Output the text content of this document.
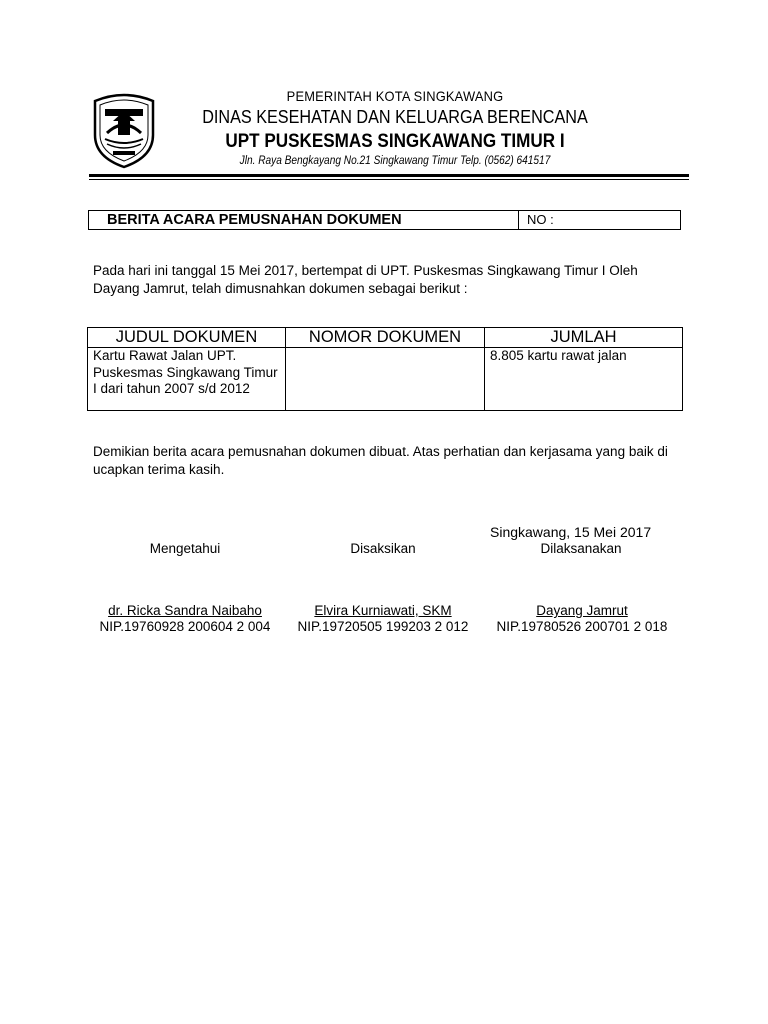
PEMERINTAH KOTA SINGKAWANG
DINAS KESEHATAN DAN KELUARGA BERENCANA
UPT PUSKESMAS SINGKAWANG TIMUR I
Jln. Raya Bengkayang No.21 Singkawang Timur Telp. (0562) 641517
BERITA ACARA PEMUSNAHAN DOKUMEN	NO :
Pada hari ini tanggal 15 Mei 2017, bertempat di UPT. Puskesmas Singkawang Timur I Oleh Dayang Jamrut, telah dimusnahkan dokumen sebagai berikut :
JUDUL DOKUMEN	NOMOR DOKUMEN	JUMLAH
Kartu Rawat Jalan UPT. Puskesmas Singkawang Timur I dari tahun 2007 s/d 2012		8.805 kartu rawat jalan
Demikian berita acara pemusnahan dokumen dibuat. Atas perhatian dan kerjasama yang baik di ucapkan terima kasih.
Singkawang, 15 Mei 2017
Mengetahui	Disaksikan	Dilaksanakan
dr. Ricka Sandra Naibaho	Elvira Kurniawati, SKM	Dayang Jamrut
NIP.19760928 200604 2 004	NIP.19720505 199203 2 012	NIP.19780526 200701 2 018
